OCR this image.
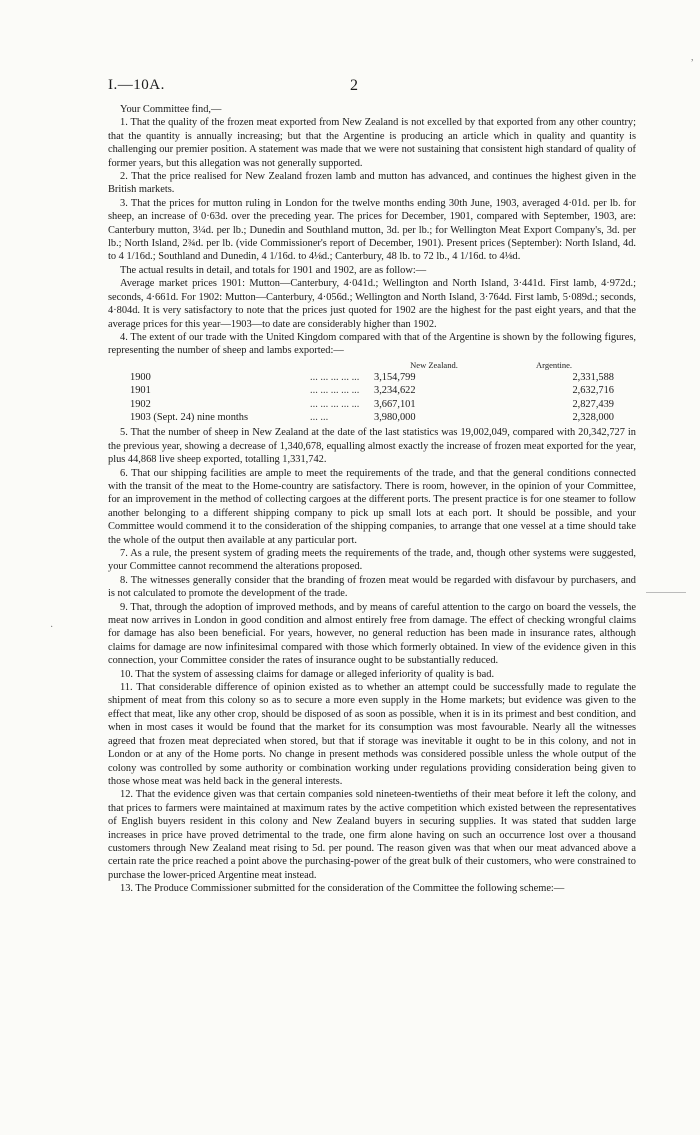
I.—10A.	2

Your Committee find,—

1. That the quality of the frozen meat exported from New Zealand is not excelled by that exported from any other country; that the quantity is annually increasing; but that the Argentine is producing an article which in quality and quantity is challenging our premier position. A statement was made that we were not sustaining that consistent high standard of quality of former years, but this allegation was not generally supported.

2. That the price realised for New Zealand frozen lamb and mutton has advanced, and continues the highest given in the British markets.

3. That the prices for mutton ruling in London for the twelve months ending 30th June, 1903, averaged 4·01d. per lb. for sheep, an increase of 0·63d. over the preceding year. The prices for December, 1901, compared with September, 1903, are: Canterbury mutton, 3¼d. per lb.; Dunedin and Southland mutton, 3d. per lb.; for Wellington Meat Export Company's, 3d. per lb.; North Island, 2¾d. per lb. (vide Commissioner's report of December, 1901). Present prices (September): North Island, 4d. to 4 1/16d.; Southland and Dunedin, 4 1/16d. to 4⅛d.; Canterbury, 48 lb. to 72 lb., 4 1/16d. to 4⅛d.

The actual results in detail, and totals for 1901 and 1902, are as follow:—

Average market prices 1901: Mutton—Canterbury, 4·041d.; Wellington and North Island, 3·441d. First lamb, 4·972d.; seconds, 4·661d. For 1902: Mutton—Canterbury, 4·056d.; Wellington and North Island, 3·764d. First lamb, 5·089d.; seconds, 4·804d. It is very satisfactory to note that the prices just quoted for 1902 are the highest for the past eight years, and that the average prices for this year—1903—to date are considerably higher than 1902.

4. The extent of our trade with the United Kingdom compared with that of the Argentine is shown by the following figures, representing the number of sheep and lambs exported:—

		New Zealand.	Argentine.
1900	... ... ... ... ...	3,154,799	2,331,588
1901	... ... ... ... ...	3,234,622	2,632,716
1902	... ... ... ... ...	3,667,101	2,827,439
1903 (Sept. 24) nine months	... ...	3,980,000	2,328,000

5. That the number of sheep in New Zealand at the date of the last statistics was 19,002,049, compared with 20,342,727 in the previous year, showing a decrease of 1,340,678, equalling almost exactly the increase of frozen meat exported for the year, plus 44,868 live sheep exported, totalling 1,331,742.

6. That our shipping facilities are ample to meet the requirements of the trade, and that the general conditions connected with the transit of the meat to the Home-country are satisfactory. There is room, however, in the opinion of your Committee, for an improvement in the method of collecting cargoes at the different ports. The present practice is for one steamer to follow another belonging to a different shipping company to pick up small lots at each port. It should be possible, and your Committee would commend it to the consideration of the shipping companies, to arrange that one vessel at a time should take the whole of the output then available at any particular port.

7. As a rule, the present system of grading meets the requirements of the trade, and, though other systems were suggested, your Committee cannot recommend the alterations proposed.

8. The witnesses generally consider that the branding of frozen meat would be regarded with disfavour by purchasers, and is not calculated to promote the development of the trade.

9. That, through the adoption of improved methods, and by means of careful attention to the cargo on board the vessels, the meat now arrives in London in good condition and almost entirely free from damage. The effect of checking wrongful claims for damage has also been beneficial. For years, however, no general reduction has been made in insurance rates, although claims for damage are now infinitesimal compared with those which formerly obtained. In view of the evidence given in this connection, your Committee consider the rates of insurance ought to be substantially reduced.

10. That the system of assessing claims for damage or alleged inferiority of quality is bad.

11. That considerable difference of opinion existed as to whether an attempt could be successfully made to regulate the shipment of meat from this colony so as to secure a more even supply in the Home markets; but evidence was given to the effect that meat, like any other crop, should be disposed of as soon as possible, when it is in its primest and best condition, and when in most cases it would be found that the market for its consumption was most favourable. Nearly all the witnesses agreed that frozen meat depreciated when stored, but that if storage was inevitable it ought to be in this colony, and not in London or at any of the Home ports. No change in present methods was considered possible unless the whole output of the colony was controlled by some authority or combination working under regulations providing consideration being given to those whose meat was held back in the general interests.

12. That the evidence given was that certain companies sold nineteen-twentieths of their meat before it left the colony, and that prices to farmers were maintained at maximum rates by the active competition which existed between the representatives of English buyers resident in this colony and New Zealand buyers in securing supplies. It was stated that sudden large increases in price have proved detrimental to the trade, one firm alone having on such an occurrence lost over a thousand customers through New Zealand meat rising to 5d. per pound. The reason given was that when our meat advanced above a certain rate the price reached a point above the purchasing-power of the great bulk of their customers, who were constrained to purchase the lower-priced Argentine meat instead.

13. The Produce Commissioner submitted for the consideration of the Committee the following scheme:—

,
·
